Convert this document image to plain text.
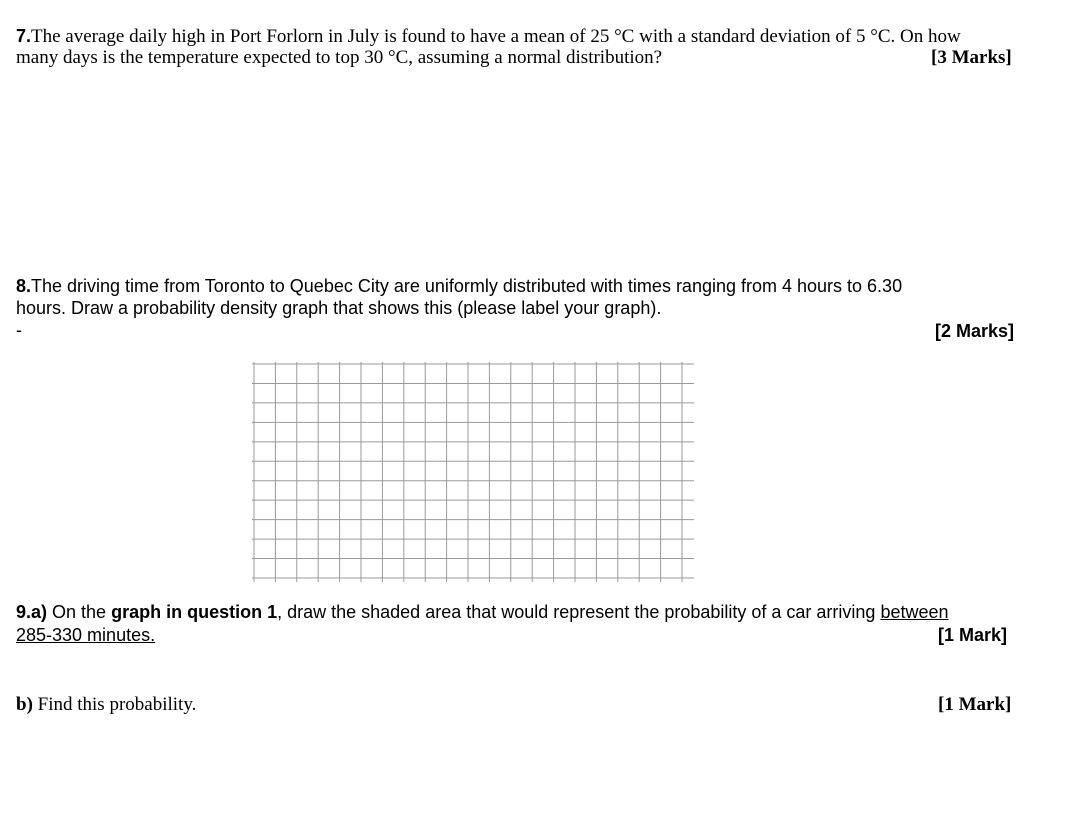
7.The average daily high in Port Forlorn in July is found to have a mean of 25 °C with a standard deviation of 5 °C. On how
many days is the temperature expected to top 30 °C, assuming a normal distribution?	[3 Marks]
8.The driving time from Toronto to Quebec City are uniformly distributed with times ranging from 4 hours to 6.30
hours. Draw a probability density graph that shows this (please label your graph).
-	[2 Marks]
9.a) On the graph in question 1, draw the shaded area that would represent the probability of a car arriving between
285-330 minutes.	[1 Mark]
b) Find this probability.	[1 Mark]
